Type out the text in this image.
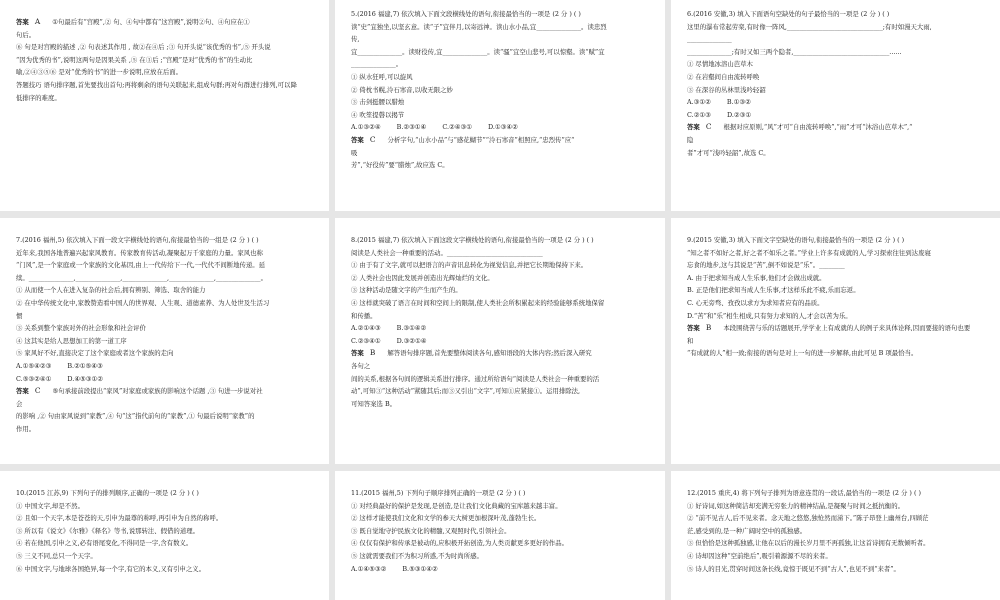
答案 A ①句最后有“宫殿”,② 句、④句中都有“这宫殿”,说明②句、④句应在①
句后。
⑥ 句是对宫殿的描述 ,② 句表述其作用 , 故②在④后 ;③ 句开头说“该优秀的书”,⑤ 开头说
“因为优秀的书”,说明这两句是因果关系 ,⑤ 在③后 ;“宫殿”是对“优秀的书”的生动比
喻,②④③⑤⑥ 是对“优秀的书”的进一步说明,应放在后面。
答题技巧 语句排序题,首先要找出首句;再将剩余的语句关联起来,组成句群;再对句群进行排列,可以降
低排序的难度。
5.(2016 福建,7) 依次填入下面文段横线处的语句,衔接最恰当的一项是 (2 分 ) ( )
读“史”宜独坐,以坚玄意。读“子”宜伴月,以寄远神。读山水小品,宜______________。读忠烈
传,
宜______________。读财役传,宜______________。读“骚”宜空山悲号,可以惊壑。读“赋”宜
______________。
① 纵水狂呼,可以旋风
② 倚枕书幌,泠石寒音,以收无限之妙
③ 击剑挺腰以腊烛
④ 吹笙提磬以揭节
A.①③②④	B.②③①④	C.②④③①	D.①③④②
答案 C 分析字句,“山水小品”与“感花蝴节”“泠石寒音”相照应,“忠烈传”应“
吸
芳”,“好役传”要“腊烛”,故应选 C。
6.(2016 安徽,3) 填入下面语句空缺处的句子最恰当的一项是 (2 分 ) ( )
这里的瀑布常起劳栾,有时像一阵风,______________________________;有时如漫天大雨,
______________
______________;有时又如三两个隐者,______________________________......
① 尽情地冰溶山芭草木
② 在岩壑间自由流转呼唤
③ 在深谷的丛林里浅吟轻韶
A.③①②	B.①③②
C.②①③	D.②③①
答案 C 根据对应原则,“风”才可“自由流转呼唤”,“雨”才可“沐浴山芭草木”,“
隐
者”才可“浅吟轻韶”,故选 C。
7.(2016 福州,5) 依次填入下面一段文字横线处的语句,衔接最恰当的一组是 (2 分 ) ( )
近年来,我国各地普遍兴起家风教育。传家教育传活动,凝聚起万千家庭的力量。家风也称
“门风”,是一个家庭或一个家族的文化基因,由上一代传给下一代,一代代不间断地传递。延
续。______________,______________,______________,______________,______________。
① 从而使一个人在进入复杂的社会后,拥有辨别、筛选、取舍的能力
② 在中华传统文化中,家教赞造看中国人的世界观、人生观、道德素养、为人处世及生活习
惯
③ 关系到整个家族对外的社会形象和社会评价
④ 这其实是给人思想加工的第一道工序
⑤ 家风好不好,直接决定了这个家庭或者这个家族的走向
A.①⑤④②③	B.②①⑤④③
C.⑤③②④①	D.④⑤③①②
答案 C ⑤句承接前段提出“家风”对家庭或家族的影响这个话题 ,③ 句进一步说对社
会
的影响 ,② 句由家风说到“家教”,④ 句“这”指代前句的“家教”,① 句最后说明“家教”的
作用。
8.(2015 福建,7) 依次填入下面这段文字横线处的语句,衔接最恰当的一项是 (2 分 ) ( )
阅读是人类社会一种重要的活动。______________________________
① 由于有了文字,就可以把语言的声音讯息转化为视觉信息,并把它长期地保持下来。
② 人类社会也因此发展并创造出光辉灿烂的文化。
③ 这种活动是随文字的产生而产生的。
④ 这样就突破了语言在时间和空间上的限制,使人类社会所积累起来的经验能够系统地保留
和传播。
A.②①④③	B.③①④②
C.②③④①	D.③②①④
答案 B 解答语句排序题,首先要整体阅读各句,感知语段的大体内容;然后深入研究
各句之
间的关系,根据各句间的逻辑关系进行排序。通过所给语句“阅读是人类社会一种重要的活
动”,可知③“这种活动”紧随其后;而③又引出“文字”,可知①应紧接①。运用排除法,
可知答案选 B。
9.(2015 安徽,3) 填入下面文字空缺处的语句,衔接最恰当的一项是 (2 分 ) ( )
“知之者不如好之者,好之者不如乐之者。”学业上许多有成就的人,学习探索往往到达废寝
忘食的地步,这与其说是“苦”,倒不如说是“乐”。________
A. 由于把求知当成人生乐事,他们才会做出成就。
B. 正是他们把求知当成人生乐事,才这样乐此不疲,乐而忘返。
C. 心无旁骛、孜孜以求方为求知者应有的品质。
D.“苦”和“乐”相生相成,只有努力求知的人,才会以苦为乐。
答案 B 本段围绕苦与乐的话题展开,学学业上有成就的人的例子来具体诠释,因而要接的语句也要
和
“有成就的人”相一致;衔接的语句是对上一句的进一步解释,由此可见 B 项最恰当。
10.(2015 江苏,9) 下列句子的排列顺序,正确的一项是 (2 分 ) ( )
① 中国文字,却是不然。
② 且如一个天字,本是苍苍的天,引申为最尊的称呼,再引申为自然的称呼。
③ 所以有《说文》《尔雅》《释名》等书,说那转注、假借的道理。
④ 若在他国,引申之义,必有语尾变化,不得同是一字,含有数义。
⑤ 三义不同,总只一个天字。
⑥ 中国文字,与地球各国绝异,每一个字,有它的本义,又有引申之义。
11.(2015 福州,5) 下列句子顺序排列正确的一项是 (2 分 ) ( )
① 对经典最好的保护是发现,是创造,是让我们文化典藏的宝库越来越丰富。
② 这样才能使我们文化和文学的参天大树更加根深叶茂,蓬勃生长。
③ 既自觉地守护民族文化的精髓,又观照时代,引领社会。
④ 仅仅有保护和传承是被动的,应积极开拓创造,为人类贡献更多更好的作品。
⑤ 这就需要我们不为积习所惑,不为时尚所感。
A.①④⑤③②	B.⑤③①④②
12.(2015 重庆,4) 将下列句子排列为语意连贯的一段话,最恰当的一项是 (2 分 ) ( )
① 好诗词,如这种简洁却充满无穷张力的精神结晶,是凝聚与时间之抵抗衡的。
② “前不见古人,后不见来者。念天地之悠悠,独怆然而涕下。”陈子昂登上幽州台,四顾茫
茫,感受到的,是一种广阔时空中的孤独感。
③ 但恰恰是这种孤独感,让他在以后的漫长岁月里不再孤独,让这首诗拥有无数倾听者。
④ 诗却因这种“空前绝后”,吸引着源源不尽的来者。
⑤ 诗人的目光,贯穿时间这条长线,竟惊于既见不到“古人”,也见不到“来者”。
